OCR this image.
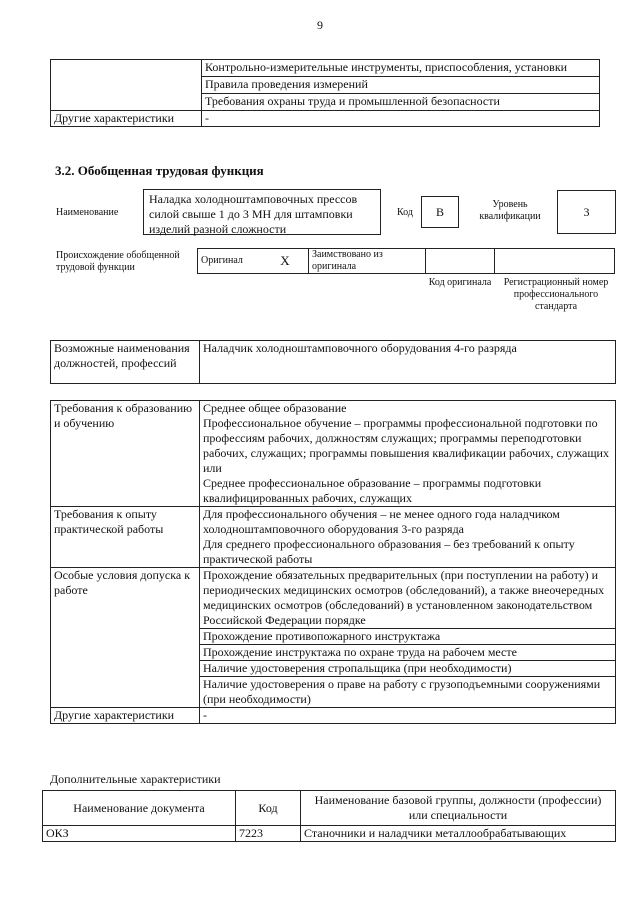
9
	Контрольно-измерительные инструменты, приспособления, установки
	Правила проведения измерений
	Требования охраны труда и промышленной безопасности
Другие характеристики	-
3.2. Обобщенная трудовая функция
Наименование
Наладка холодноштамповочных прессов силой свыше 1 до 3 МН для штамповки изделий разной сложности
Код	В
Уровень квалификации	3
Происхождение обобщенной трудовой функции
Оригинал	Х	Заимствовано из оригинала		
Код оригинала	Регистрационный номер профессионального стандарта
Возможные наименования должностей, профессий	Наладчик холодноштамповочного оборудования 4-го разряда
Требования к образованию и обучению	Среднее общее образование
Профессиональное обучение – программы профессиональной подготовки по профессиям рабочих, должностям служащих; программы переподготовки рабочих, служащих; программы повышения квалификации рабочих, служащих
или
Среднее профессиональное образование – программы подготовки квалифицированных рабочих, служащих

Требования к опыту практической работы	Для профессионального обучения – не менее одного года наладчиком холодноштамповочного оборудования 3-го разряда
Для среднего профессионального образования – без требований к опыту практической работы

Особые условия допуска к работе	Прохождение обязательных предварительных (при поступлении на работу) и периодических медицинских осмотров (обследований), а также внеочередных медицинских осмотров (обследований) в установленном законодательством Российской Федерации порядке
	Прохождение противопожарного инструктажа
	Прохождение инструктажа по охране труда на рабочем месте
	Наличие удостоверения стропальщика (при необходимости)
	Наличие удостоверения о праве на работу с грузоподъемными сооружениями (при необходимости)
Другие характеристики	-
Дополнительные характеристики
Наименование документа	Код	Наименование базовой группы, должности (профессии) или специальности
ОКЗ	7223	Станочники и наладчики металлообрабатывающих
